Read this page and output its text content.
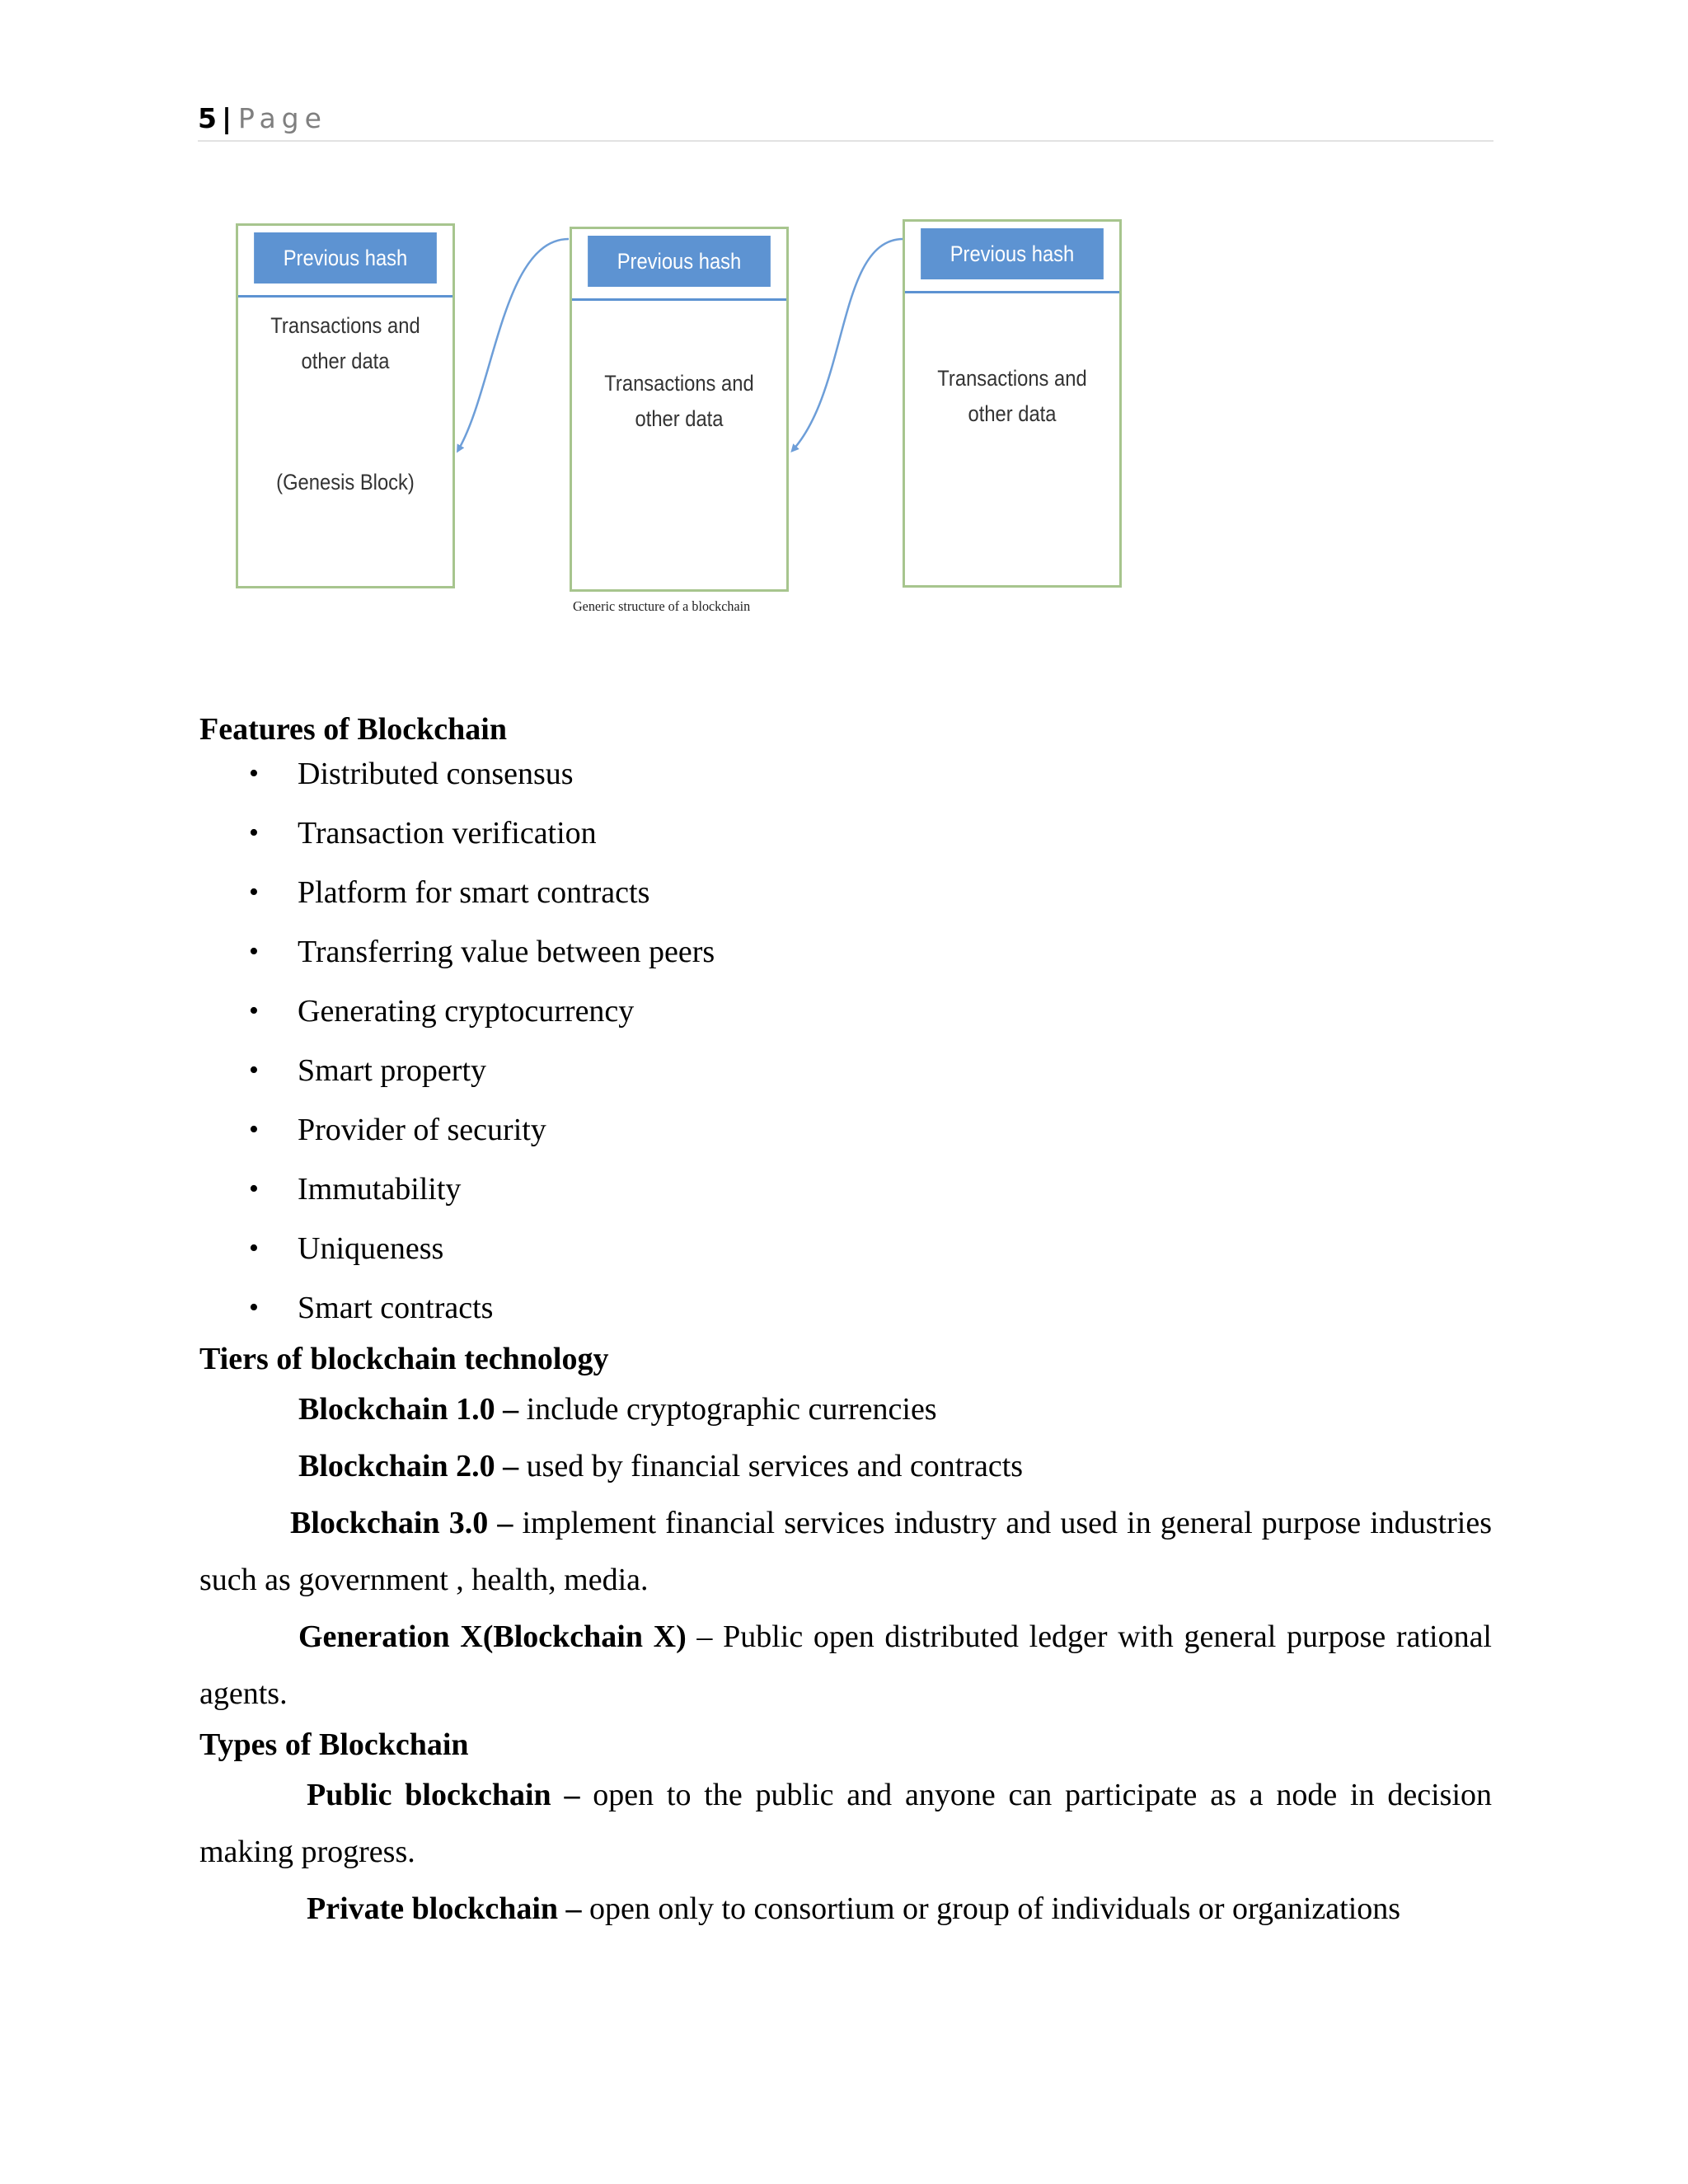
5 | Page
Previous hash
Transactions and
other data
(Genesis Block)
Previous hash
Transactions and
other data
Previous hash
Transactions and
other data
Generic structure of a blockchain

Features of Blockchain

• Distributed consensus
• Transaction verification
• Platform for smart contracts
• Transferring value between peers
• Generating cryptocurrency
• Smart property
• Provider of security
• Immutability
• Uniqueness
• Smart contracts

Tiers of blockchain technology

Blockchain 1.0 – include cryptographic currencies

Blockchain 2.0 – used by financial services and contracts

Blockchain 3.0 – implement financial services industry and used in general purpose industries such as government , health, media.

Generation X(Blockchain X) – Public open distributed ledger with general purpose rational agents.

Types of Blockchain

Public blockchain – open to the public and anyone can participate as a node in decision making progress.

Private blockchain – open only to consortium or group of individuals or organizations
